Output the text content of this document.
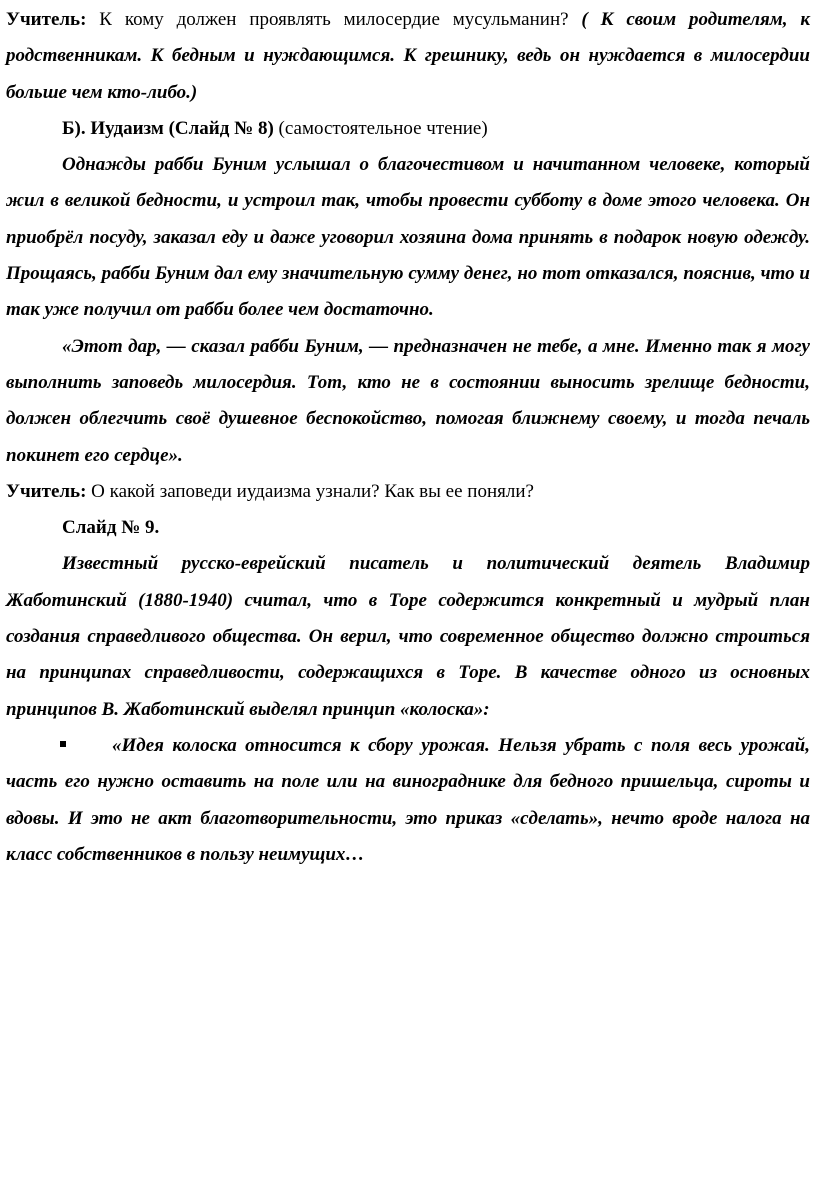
Учитель: К кому должен проявлять милосердие мусульманин? ( К своим родителям, к родственникам. К бедным и нуждающимся. К грешнику, ведь он нуждается в милосердии больше чем кто-либо.)

Б). Иудаизм (Слайд № 8) (самостоятельное чтение)

Однажды рабби Буним услышал о благочестивом и начитанном человеке, который жил в великой бедности, и устроил так, чтобы провести субботу в доме этого человека. Он приобрёл посуду, заказал еду и даже уговорил хозяина дома принять в подарок новую одежду. Прощаясь, рабби Буним дал ему значительную сумму денег, но тот отказался, пояснив, что и так уже получил от рабби более чем достаточно.

«Этот дар, — сказал рабби Буним, — предназначен не тебе, а мне. Именно так я могу выполнить заповедь милосердия. Тот, кто не в состоянии выносить зрелище бедности, должен облегчить своё душевное беспокойство, помогая ближнему своему, и тогда печаль покинет его сердце».

Учитель: О какой заповеди иудаизма узнали? Как вы ее поняли?

Слайд № 9.

Известный русско-еврейский писатель и политический деятель Владимир Жаботинский (1880-1940) считал, что в Торе содержится конкретный и мудрый план создания справедливого общества. Он верил, что современное общество должно строиться на принципах справедливости, содержащихся в Торе. В качестве одного из основных принципов В. Жаботинский выделял принцип «колоска»:

«Идея колоска относится к сбору урожая. Нельзя убрать с поля весь урожай, часть его нужно оставить на поле или на винограднике для бедного пришельца, сироты и вдовы. И это не акт благотворительности, это приказ «сделать», нечто вроде налога на класс собственников в пользу неимущих…
